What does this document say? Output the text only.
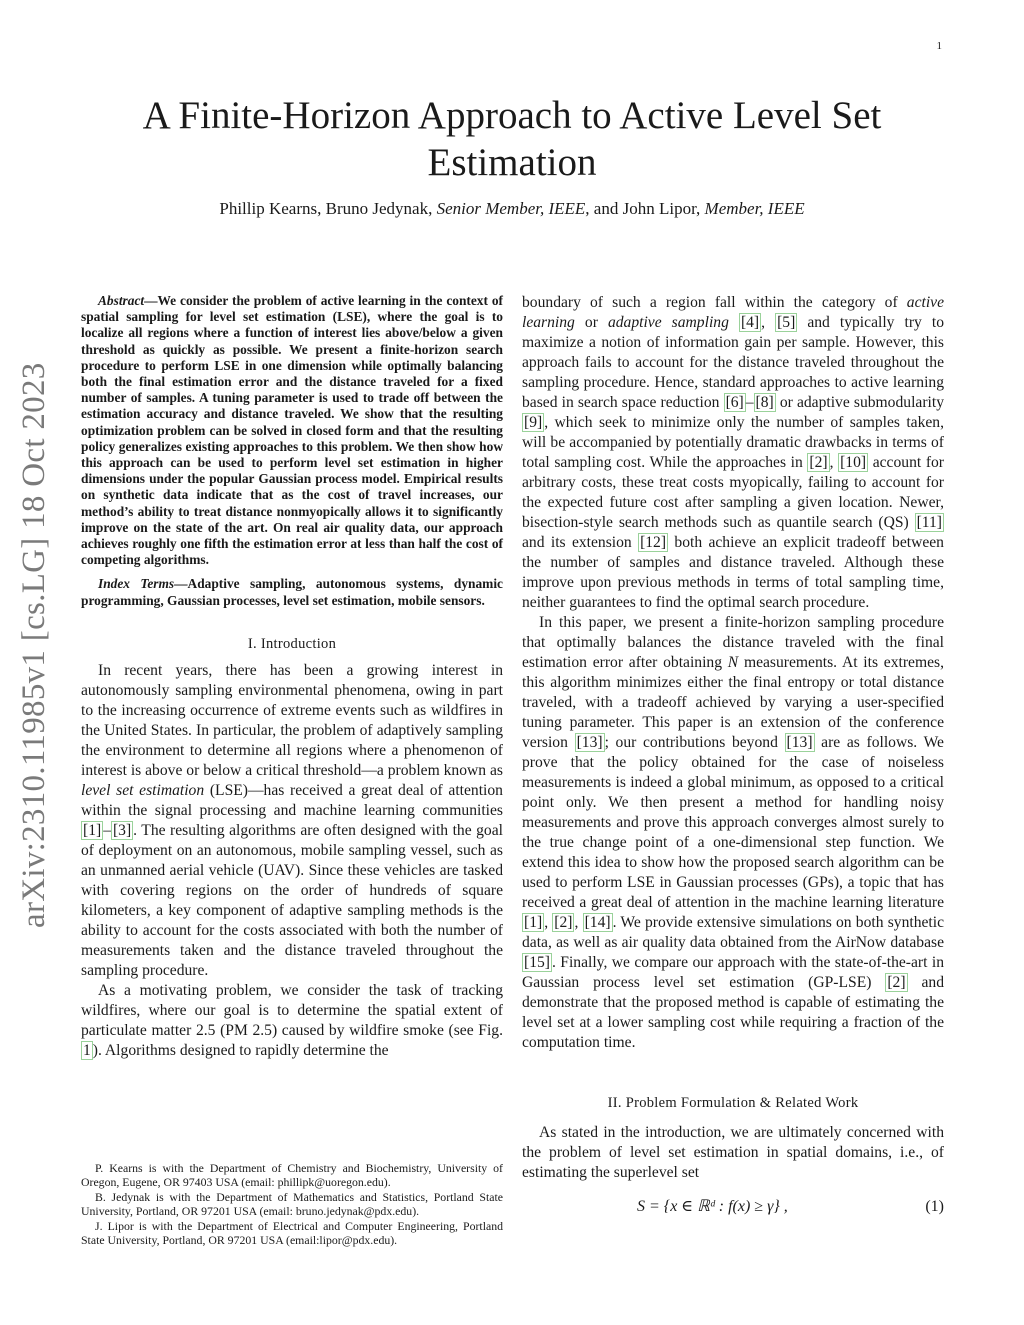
1
arXiv:2310.11985v1 [cs.LG] 18 Oct 2023
A Finite-Horizon Approach to Active Level Set Estimation
Phillip Kearns, Bruno Jedynak, Senior Member, IEEE, and John Lipor, Member, IEEE

Abstract—We consider the problem of active learning in the context of spatial sampling for level set estimation (LSE), where the goal is to localize all regions where a function of interest lies above/below a given threshold as quickly as possible. We present a finite-horizon search procedure to perform LSE in one dimension while optimally balancing both the final estimation error and the distance traveled for a fixed number of samples. A tuning parameter is used to trade off between the estimation accuracy and distance traveled. We show that the resulting optimization problem can be solved in closed form and that the resulting policy generalizes existing approaches to this problem. We then show how this approach can be used to perform level set estimation in higher dimensions under the popular Gaussian process model. Empirical results on synthetic data indicate that as the cost of travel increases, our method’s ability to treat distance nonmyopically allows it to significantly improve on the state of the art. On real air quality data, our approach achieves roughly one fifth the estimation error at less than half the cost of competing algorithms.

Index Terms—Adaptive sampling, autonomous systems, dynamic programming, Gaussian processes, level set estimation, mobile sensors.

I. Introduction

In recent years, there has been a growing interest in autonomously sampling environmental phenomena, owing in part to the increasing occurrence of extreme events such as wildfires in the United States. In particular, the problem of adaptively sampling the environment to determine all regions where a phenomenon of interest is above or below a critical threshold—a problem known as level set estimation (LSE)—has received a great deal of attention within the signal processing and machine learning communities [1] – [3] . The resulting algorithms are often designed with the goal of deployment on an autonomous, mobile sampling vessel, such as an unmanned aerial vehicle (UAV). Since these vehicles are tasked with covering regions on the order of hundreds of square kilometers, a key component of adaptive sampling methods is the ability to account for the costs associated with both the number of measurements taken and the distance traveled throughout the sampling procedure.

As a motivating problem, we consider the task of tracking wildfires, where our goal is to determine the spatial extent of particulate matter 2.5 (PM 2.5) caused by wildfire smoke (see Fig. 1 ). Algorithms designed to rapidly determine the

P. Kearns is with the Department of Chemistry and Biochemistry, University of Oregon, Eugene, OR 97403 USA (email: phillipk@uoregon.edu).

B. Jedynak is with the Department of Mathematics and Statistics, Portland State University, Portland, OR 97201 USA (email: bruno.jedynak@pdx.edu).

J. Lipor is with the Department of Electrical and Computer Engineering, Portland State University, Portland, OR 97201 USA (email:lipor@pdx.edu).

boundary of such a region fall within the category of active learning or adaptive sampling [4] , [5] and typically try to maximize a notion of information gain per sample. However, this approach fails to account for the distance traveled throughout the sampling procedure. Hence, standard approaches to active learning based in search space reduction [6] – [8] or adaptive submodularity [9] , which seek to minimize only the number of samples taken, will be accompanied by potentially dramatic drawbacks in terms of total sampling cost. While the approaches in [2] , [10] account for arbitrary costs, these treat costs myopically, failing to account for the expected future cost after sampling a given location. Newer, bisection-style search methods such as quantile search (QS) [11] and its extension [12] both achieve an explicit tradeoff between the number of samples and distance traveled. Although these improve upon previous methods in terms of total sampling time, neither guarantees to find the optimal search procedure.

In this paper, we present a finite-horizon sampling procedure that optimally balances the distance traveled with the final estimation error after obtaining N measurements. At its extremes, this algorithm minimizes either the final entropy or total distance traveled, with a tradeoff achieved by varying a user-specified tuning parameter. This paper is an extension of the conference version [13] ; our contributions beyond [13] are as follows. We prove that the policy obtained for the case of noiseless measurements is indeed a global minimum, as opposed to a critical point only. We then present a method for handling noisy measurements and prove this approach converges almost surely to the true change point of a one-dimensional step function. We extend this idea to show how the proposed search algorithm can be used to perform LSE in Gaussian processes (GPs), a topic that has received a great deal of attention in the machine learning literature [1] , [2] , [14] . We provide extensive simulations on both synthetic data, as well as air quality data obtained from the AirNow database [15] . Finally, we compare our approach with the state-of-the-art in Gaussian process level set estimation (GP-LSE) [2] and demonstrate that the proposed method is capable of estimating the level set at a lower sampling cost while requiring a fraction of the computation time.

II. Problem Formulation & Related Work

As stated in the introduction, we are ultimately concerned with the problem of level set estimation in spatial domains, i.e., of estimating the superlevel set

S = {x ∈ ℝᵈ : f(x) ≥ γ} ,	(1)
